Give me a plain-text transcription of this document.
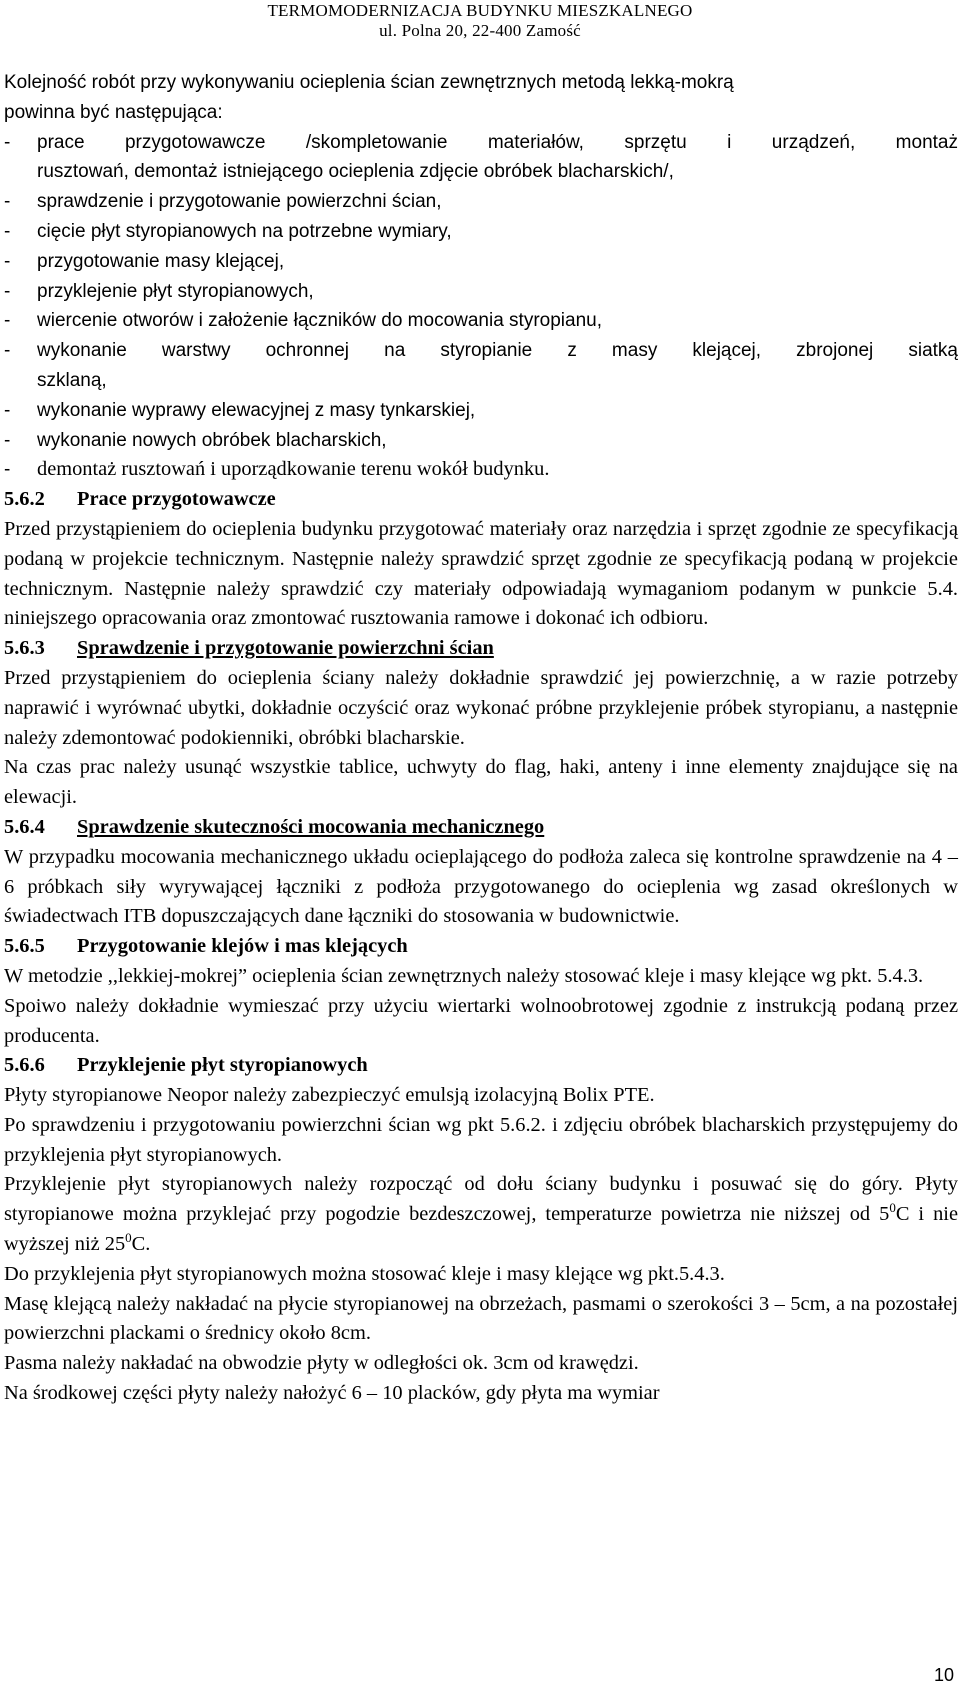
TERMOMODERNIZACJA BUDYNKU MIESZKALNEGO
ul. Polna 20, 22-400 Zamość

Kolejność robót przy wykonywaniu ocieplenia ścian zewnętrznych metodą lekką-mokrą
powinna być następująca:

-	prace przygotowawcze /skompletowanie materiałów, sprzętu i urządzeń, montaż
rusztowań, demontaż istniejącego ocieplenia zdjęcie obróbek blacharskich/,
-	sprawdzenie i przygotowanie powierzchni ścian,
-	cięcie płyt styropianowych na potrzebne wymiary,
-	przygotowanie masy klejącej,
-	przyklejenie płyt styropianowych,
-	wiercenie otworów i założenie łączników do mocowania styropianu,
-	wykonanie warstwy ochronnej na styropianie z masy klejącej, zbrojonej siatką
szklaną,
-	wykonanie wyprawy elewacyjnej z masy tynkarskiej,
-	wykonanie nowych obróbek blacharskich,
-	demontaż rusztowań i uporządkowanie terenu wokół budynku.

5.6.2 Prace przygotowawcze

Przed przystąpieniem do ocieplenia budynku przygotować materiały oraz narzędzia i sprzęt zgodnie ze specyfikacją podaną w projekcie technicznym. Następnie należy sprawdzić sprzęt zgodnie ze specyfikacją podaną w projekcie technicznym. Następnie należy sprawdzić czy materiały odpowiadają wymaganiom podanym w punkcie 5.4. niniejszego opracowania oraz zmontować rusztowania ramowe i dokonać ich odbioru.

5.6.3 Sprawdzenie i przygotowanie powierzchni ścian

Przed przystąpieniem do ocieplenia ściany należy dokładnie sprawdzić jej powierzchnię, a w razie potrzeby naprawić i wyrównać ubytki, dokładnie oczyścić oraz wykonać próbne przyklejenie próbek styropianu, a następnie należy zdemontować podokienniki, obróbki blacharskie.

Na czas prac należy usunąć wszystkie tablice, uchwyty do flag, haki, anteny i inne elementy znajdujące się na elewacji.

5.6.4 Sprawdzenie skuteczności mocowania mechanicznego

W przypadku mocowania mechanicznego układu ocieplającego do podłoża zaleca się kontrolne sprawdzenie na 4 – 6 próbkach siły wyrywającej łączniki z podłoża przygotowanego do ocieplenia wg zasad określonych w świadectwach ITB dopuszczających dane łączniki do stosowania w budownictwie.

5.6.5 Przygotowanie klejów i mas klejących

W metodzie ,,lekkiej-mokrej” ocieplenia ścian zewnętrznych należy stosować kleje i masy klejące wg pkt. 5.4.3.

Spoiwo należy dokładnie wymieszać przy użyciu wiertarki wolnoobrotowej zgodnie z instrukcją podaną przez producenta.

5.6.6 Przyklejenie płyt styropianowych

Płyty styropianowe Neopor należy zabezpieczyć emulsją izolacyjną Bolix PTE.

Po sprawdzeniu i przygotowaniu powierzchni ścian wg pkt 5.6.2. i zdjęciu obróbek blacharskich przystępujemy do przyklejenia płyt styropianowych.

Przyklejenie płyt styropianowych należy rozpocząć od dołu ściany budynku i posuwać się do góry. Płyty styropianowe można przyklejać przy pogodzie bezdeszczowej, temperaturze powietrza nie niższej od $5^0C$ i nie wyższej niż $25^0C$.

Do przyklejenia płyt styropianowych można stosować kleje i masy klejące wg pkt.5.4.3.

Masę klejącą należy nakładać na płycie styropianowej na obrzeżach, pasmami o szerokości 3 – 5cm, a na pozostałej powierzchni plackami o średnicy około 8cm.

Pasma należy nakładać na obwodzie płyty w odległości ok. 3cm od krawędzi.

Na środkowej części płyty należy nałożyć 6 – 10 placków, gdy płyta ma wymiar

10
